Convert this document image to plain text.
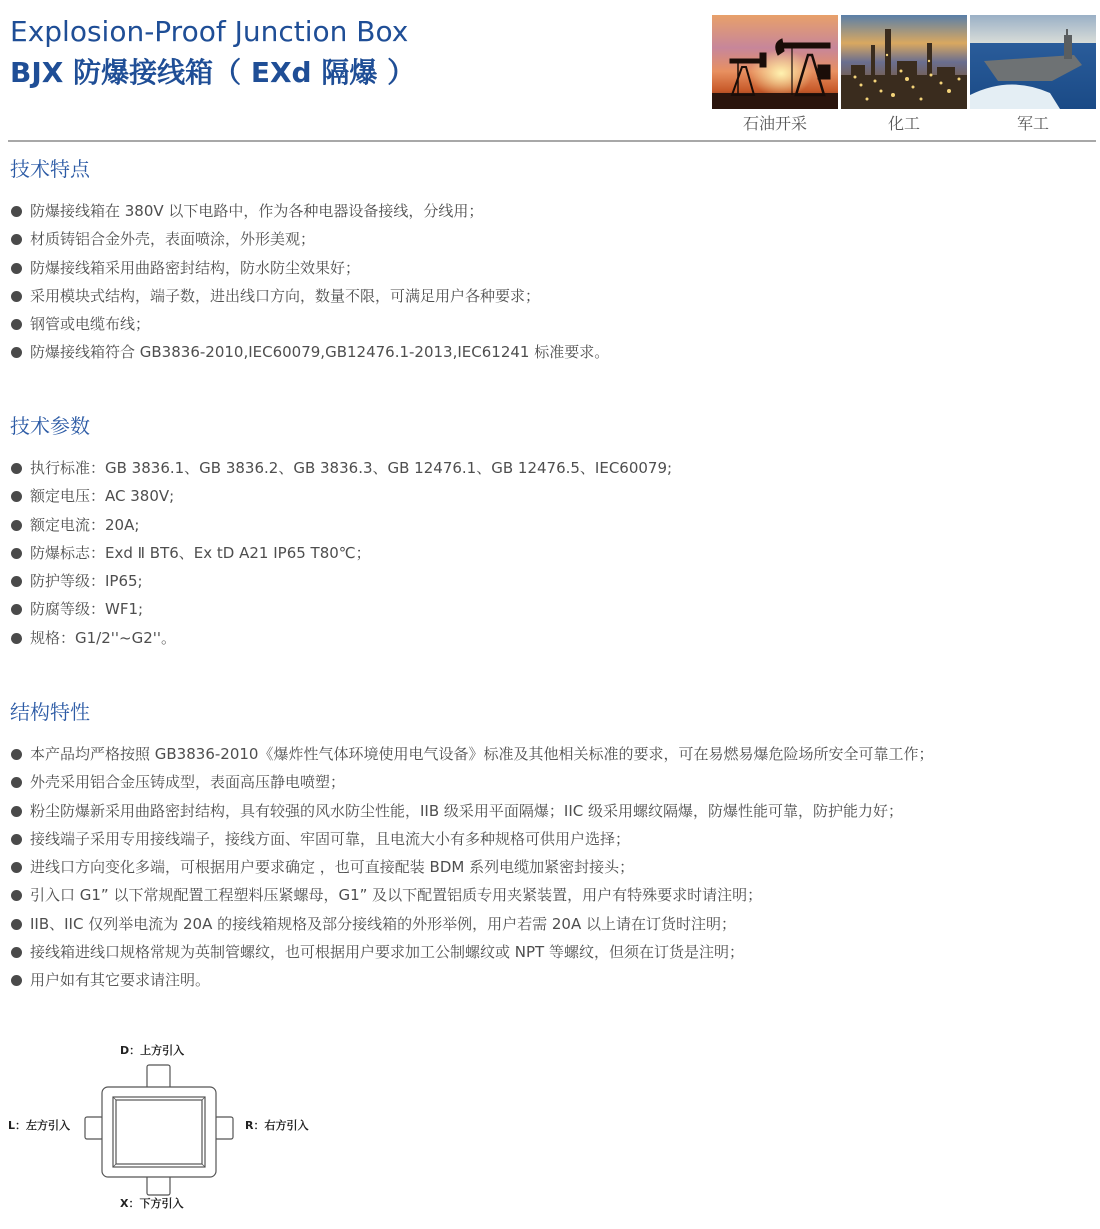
Explosion-Proof Junction Box
BJX 防爆接线箱（ EXd 隔爆 ）
石油开采	化工	军工
技术特点
防爆接线箱在 380V 以下电路中，作为各种电器设备接线，分线用；
材质铸铝合金外壳，表面喷涂，外形美观；
防爆接线箱采用曲路密封结构，防水防尘效果好；
采用模块式结构，端子数，进出线口方向，数量不限，可满足用户各种要求；
钢管或电缆布线；
防爆接线箱符合 GB3836-2010,IEC60079,GB12476.1-2013,IEC61241 标准要求。
技术参数
执行标准：GB 3836.1、GB 3836.2、GB 3836.3、GB 12476.1、GB 12476.5、IEC60079;
额定电压：AC 380V;
额定电流：20A;
防爆标志：Exd Ⅱ BT6、Ex tD A21 IP65 T80℃；
防护等级：IP65;
防腐等级：WF1;
规格：G1/2''~G2''。
结构特性
本产品均严格按照 GB3836-2010《爆炸性气体环境使用电气设备》标准及其他相关标准的要求，可在易燃易爆危险场所安全可靠工作；
外壳采用铝合金压铸成型，表面高压静电喷塑；
粉尘防爆新采用曲路密封结构，具有较强的风水防尘性能，IIB 级采用平面隔爆；IIC 级采用螺纹隔爆，防爆性能可靠，防护能力好；
接线端子采用专用接线端子，接线方面、牢固可靠，且电流大小有多种规格可供用户选择；
进线口方向变化多端，可根据用户要求确定 ，也可直接配装 BDM 系列电缆加紧密封接头；
引入口 G1” 以下常规配置工程塑料压紧螺母，G1” 及以下配置铝质专用夹紧装置，用户有特殊要求时请注明；
IIB、IIC 仅列举电流为 20A 的接线箱规格及部分接线箱的外形举例，用户若需 20A 以上请在订货时注明；
接线箱进线口规格常规为英制管螺纹，也可根据用户要求加工公制螺纹或 NPT 等螺纹，但须在订货是注明；
用户如有其它要求请注明。
D：上方引入
L：左方引入	R：右方引入
X：下方引入
